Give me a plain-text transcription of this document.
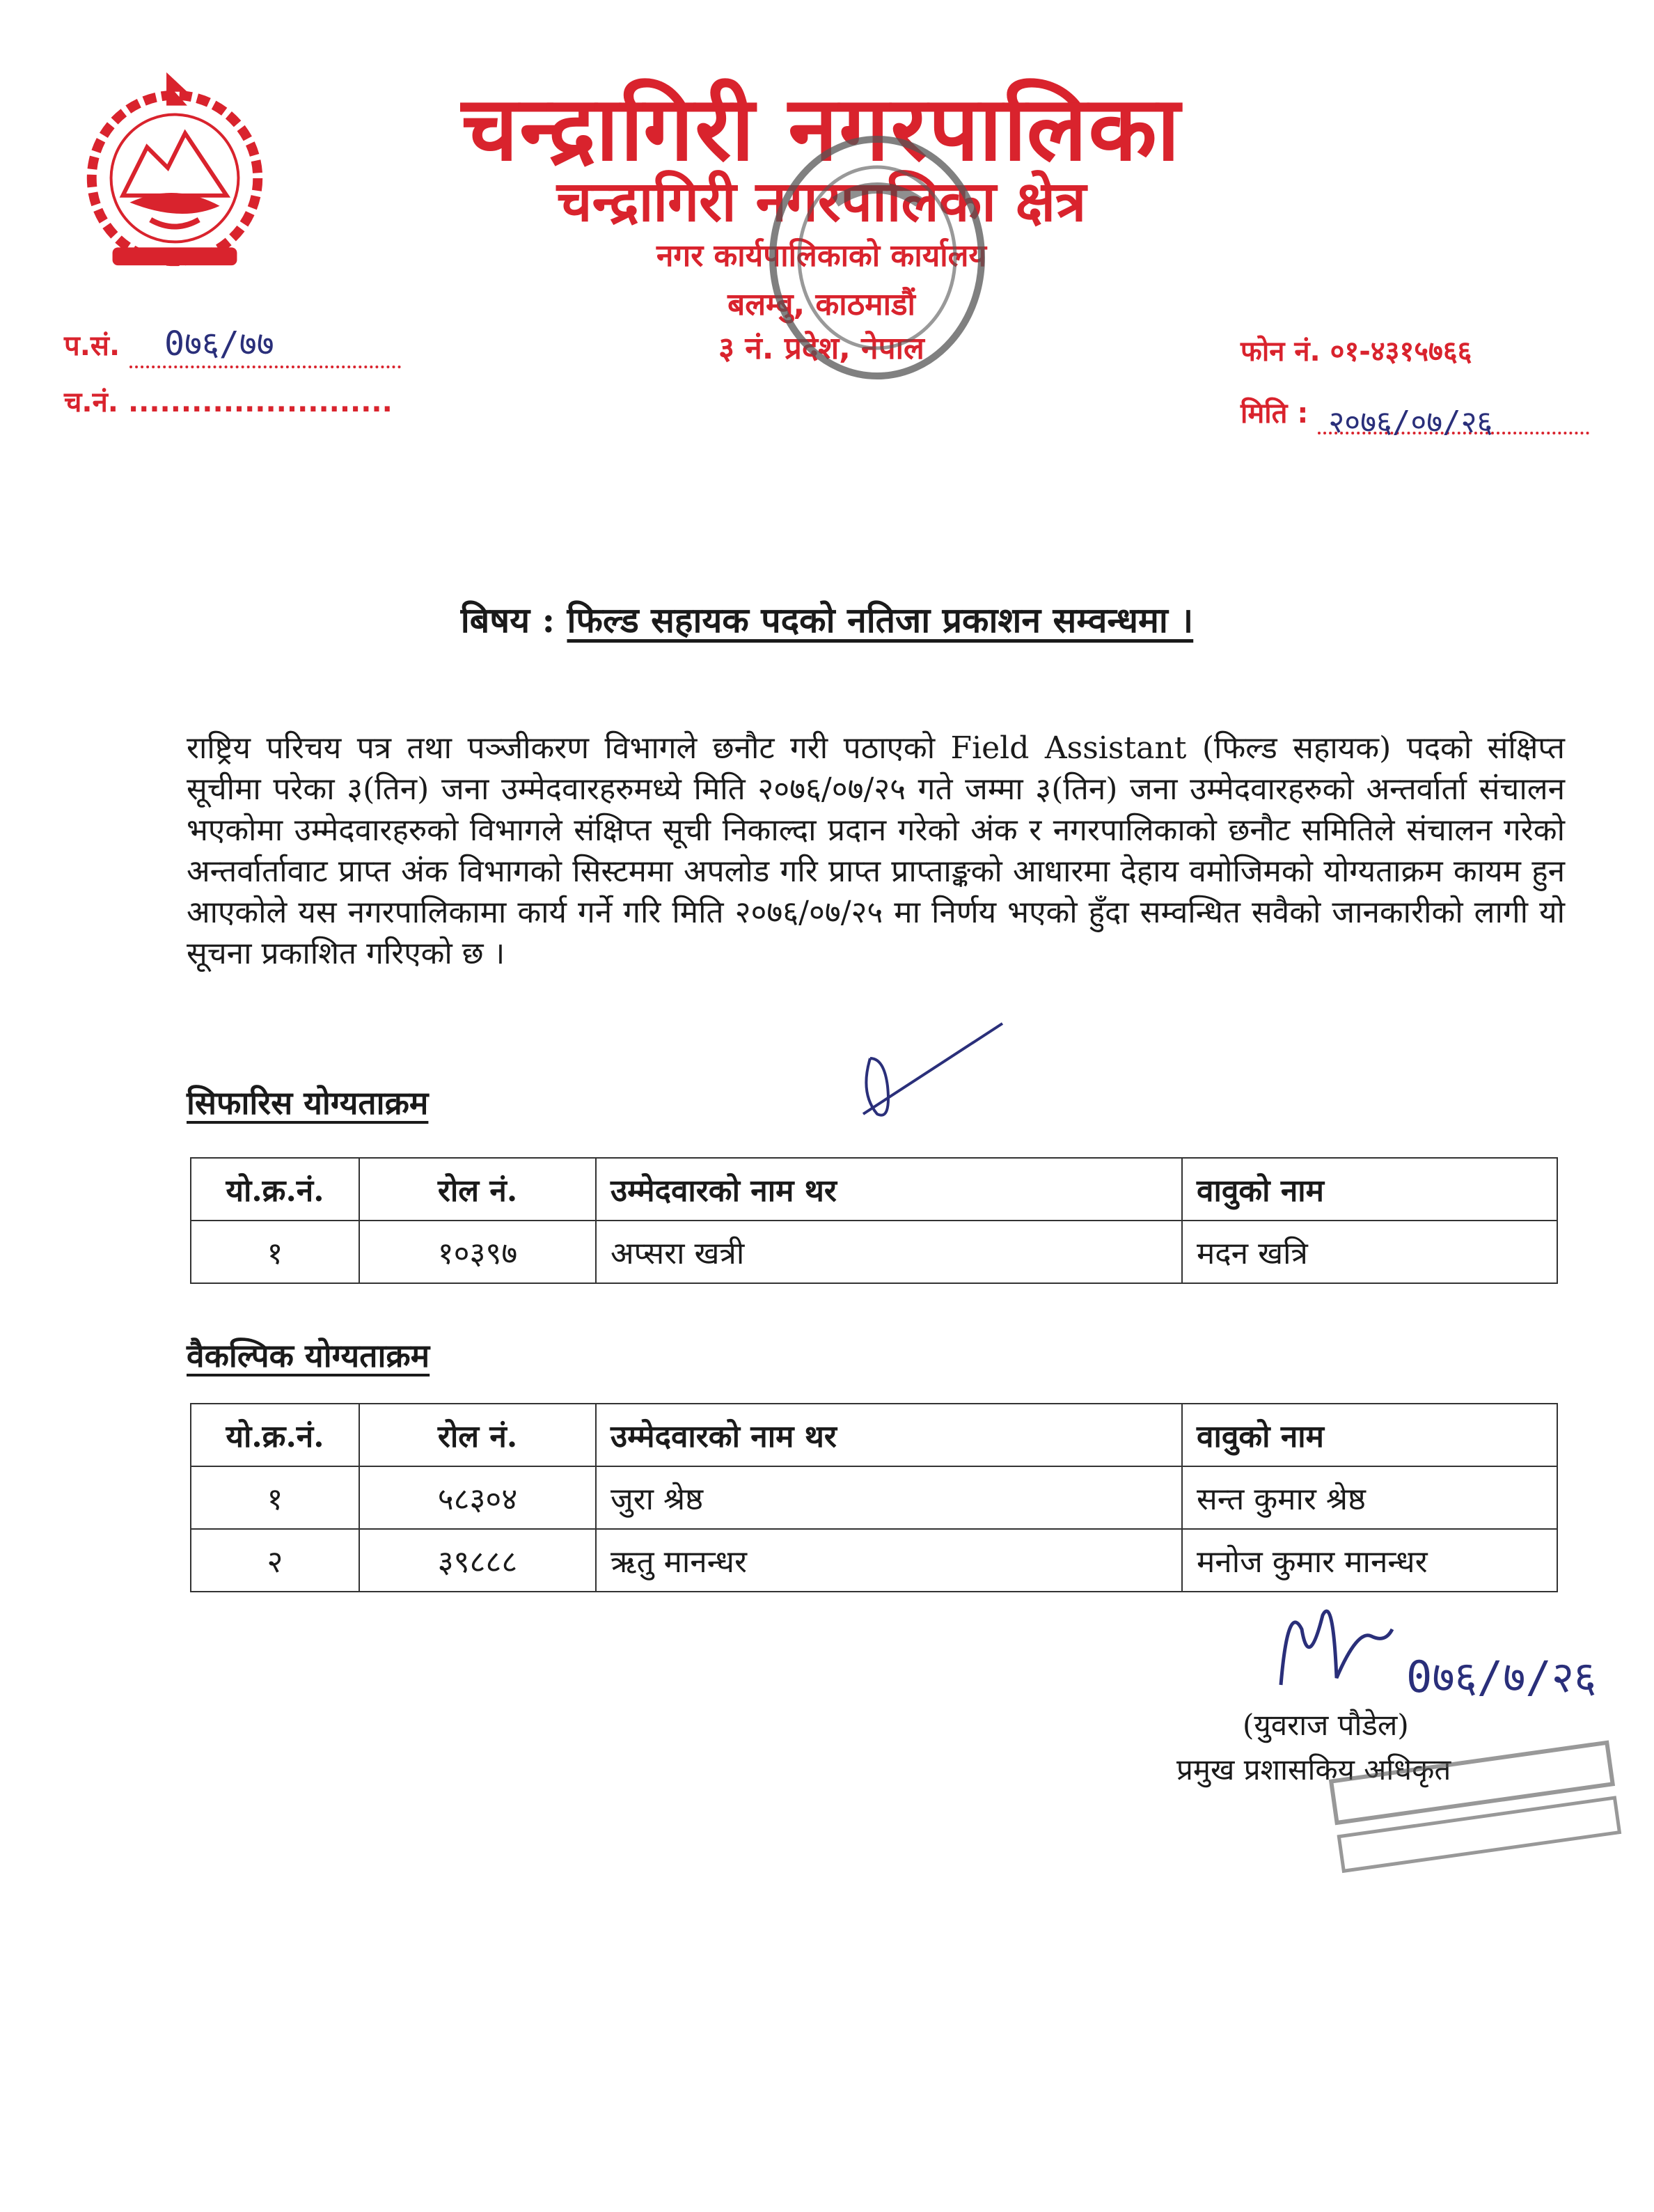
चन्द्रागिरी नगरपालिका
चन्द्रागिरी नगरपालिका क्षेत्र
नगर कार्यपालिकाको कार्यालय
बलम्बु, काठमाडौं
३ नं. प्रदेश, नेपाल
प.सं. 0७६/७७
च.नं. .........................
फोन नं. ०१-४३१५७६६
मिति : २०७६/०७/२६
बिषय : फिल्ड सहायक पदको नतिजा प्रकाशन सम्वन्धमा ।
राष्ट्रिय परिचय पत्र तथा पञ्जीकरण विभागले छनौट गरी पठाएको Field Assistant (फिल्ड सहायक) पदको संक्षिप्त सूचीमा परेका ३(तिन) जना उम्मेदवारहरुमध्ये मिति २०७६/०७/२५ गते जम्मा ३(तिन) जना उम्मेदवारहरुको अन्तर्वार्ता संचालन भएकोमा उम्मेदवारहरुको विभागले संक्षिप्त सूची निकाल्दा प्रदान गरेको अंक र नगरपालिकाको छनौट समितिले संचालन गरेको अन्तर्वार्तावाट प्राप्त अंक विभागको सिस्टममा अपलोड गरि प्राप्त प्राप्ताङ्कको आधारमा देहाय वमोजिमको योग्यताक्रम कायम हुन आएकोले यस नगरपालिकामा कार्य गर्ने गरि मिति २०७६/०७/२५ मा निर्णय भएको हुँदा सम्वन्धित सवैको जानकारीको लागी यो सूचना प्रकाशित गरिएको छ ।
सिफारिस योग्यताक्रम
यो.क्र.नं.	रोल नं.	उम्मेदवारको नाम थर	वावुको नाम
१	१०३९७	अप्सरा खत्री	मदन खत्रि
वैकल्पिक योग्यताक्रम
यो.क्र.नं.	रोल नं.	उम्मेदवारको नाम थर	वावुको नाम
१	५८३०४	जुरा श्रेष्ठ	सन्त कुमार श्रेष्ठ
२	३९८८८	ऋतु मानन्धर	मनोज कुमार मानन्धर
0७६/७/२६
(युवराज पौडेल)
प्रमुख प्रशासकिय अधिकृत
